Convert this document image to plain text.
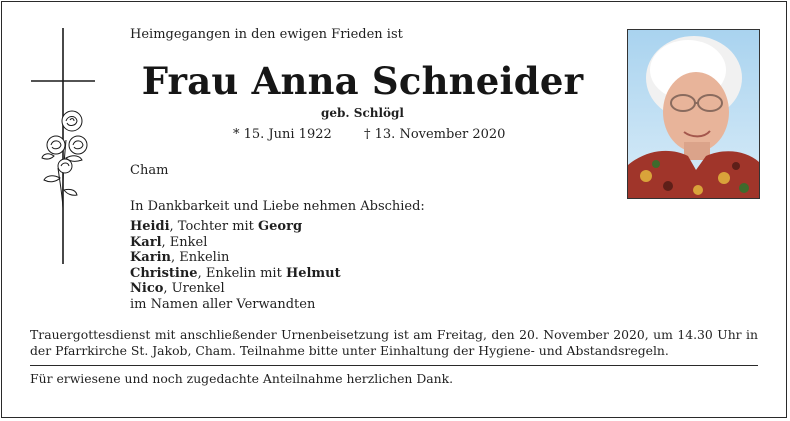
Heimgegangen in den ewigen Frieden ist
Frau Anna Schneider
geb. Schlögl
* 15. Juni 1922 † 13. November 2020
Cham
In Dankbarkeit und Liebe nehmen Abschied:
Heidi, Tochter mit Georg
Karl, Enkel
Karin, Enkelin
Christine, Enkelin mit Helmut
Nico, Urenkel
im Namen aller Verwandten
Trauergottesdienst mit anschließender Urnenbeisetzung ist am Freitag, den 20. November 2020, um 14.30 Uhr in der Pfarrkirche St. Jakob, Cham. Teilnahme bitte unter Einhaltung der Hygiene- und Abstandsregeln.
Für erwiesene und noch zugedachte Anteilnahme herzlichen Dank.
